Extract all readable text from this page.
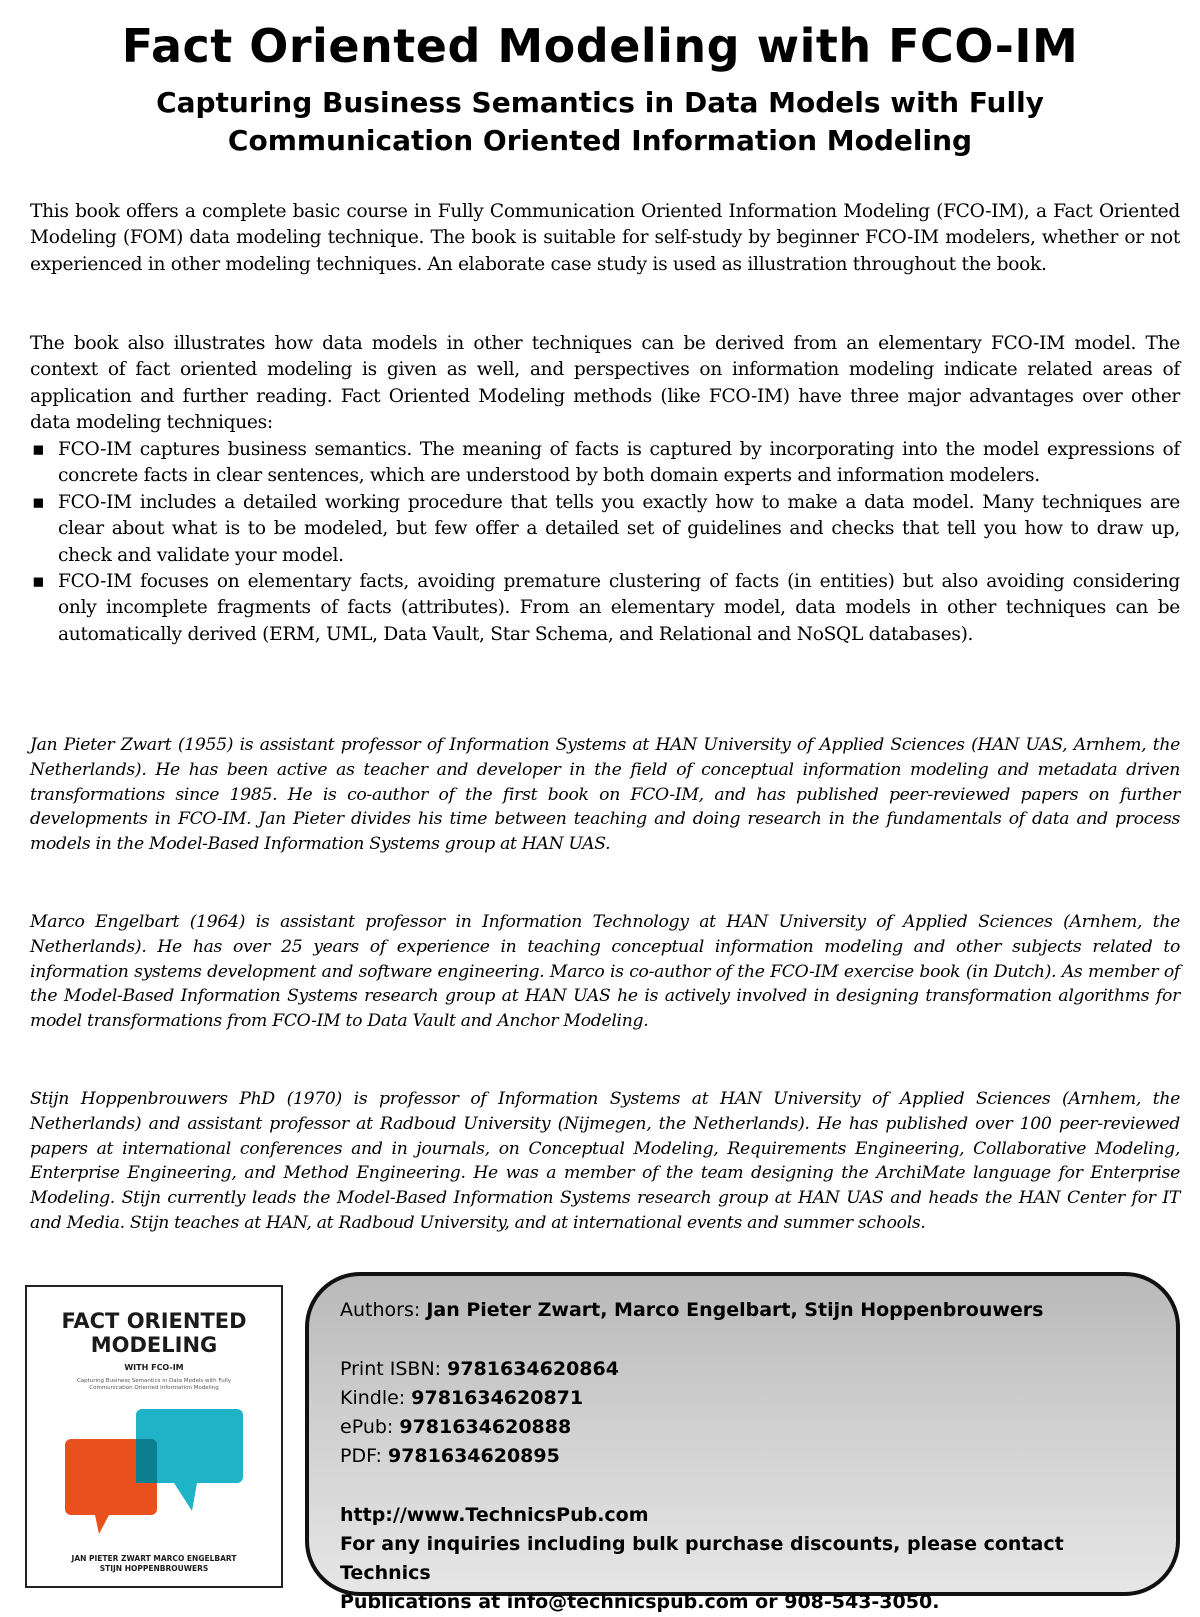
Fact Oriented Modeling with FCO-IM
Capturing Business Semantics in Data Models with Fully Communication Oriented Information Modeling

This book offers a complete basic course in Fully Communication Oriented Information Modeling (FCO-IM), a Fact Oriented Modeling (FOM) data modeling technique. The book is suitable for self-study by beginner FCO-IM modelers, whether or not experienced in other modeling techniques. An elaborate case study is used as illustration throughout the book.

The book also illustrates how data models in other techniques can be derived from an elementary FCO-IM model. The context of fact oriented modeling is given as well, and perspectives on information modeling indicate related areas of application and further reading. Fact Oriented Modeling methods (like FCO-IM) have three major advantages over other data modeling techniques:

▪ FCO-IM captures business semantics. The meaning of facts is captured by incorporating into the model expressions of concrete facts in clear sentences, which are understood by both domain experts and information modelers.
▪ FCO-IM includes a detailed working procedure that tells you exactly how to make a data model. Many techniques are clear about what is to be modeled, but few offer a detailed set of guidelines and checks that tell you how to draw up, check and validate your model.
▪ FCO-IM focuses on elementary facts, avoiding premature clustering of facts (in entities) but also avoiding considering only incomplete fragments of facts (attributes). From an elementary model, data models in other techniques can be automatically derived (ERM, UML, Data Vault, Star Schema, and Relational and NoSQL databases).

Jan Pieter Zwart (1955) is assistant professor of Information Systems at HAN University of Applied Sciences (HAN UAS, Arnhem, the Netherlands). He has been active as teacher and developer in the field of conceptual information modeling and metadata driven transformations since 1985. He is co-author of the first book on FCO-IM, and has published peer-reviewed papers on further developments in FCO-IM. Jan Pieter divides his time between teaching and doing research in the fundamentals of data and process models in the Model-Based Information Systems group at HAN UAS.

Marco Engelbart (1964) is assistant professor in Information Technology at HAN University of Applied Sciences (Arnhem, the Netherlands). He has over 25 years of experience in teaching conceptual information modeling and other subjects related to information systems development and software engineering. Marco is co-author of the FCO-IM exercise book (in Dutch). As member of the Model-Based Information Systems research group at HAN UAS he is actively involved in designing transformation algorithms for model transformations from FCO-IM to Data Vault and Anchor Modeling.

Stijn Hoppenbrouwers PhD (1970) is professor of Information Systems at HAN University of Applied Sciences (Arnhem, the Netherlands) and assistant professor at Radboud University (Nijmegen, the Netherlands). He has published over 100 peer-reviewed papers at international conferences and in journals, on Conceptual Modeling, Requirements Engineering, Collaborative Modeling, Enterprise Engineering, and Method Engineering. He was a member of the team designing the ArchiMate language for Enterprise Modeling. Stijn currently leads the Model-Based Information Systems research group at HAN UAS and heads the HAN Center for IT and Media. Stijn teaches at HAN, at Radboud University, and at international events and summer schools.

FACT ORIENTED
MODELING
WITH FCO-IM
Capturing Business Semantics in Data Models with Fully Communication Oriented Information Modeling
JAN PIETER ZWART MARCO ENGELBART
STIJN HOPPENBROUWERS
Authors: Jan Pieter Zwart, Marco Engelbart, Stijn Hoppenbrouwers
Print ISBN: 9781634620864
Kindle: 9781634620871
ePub: 9781634620888
PDF: 9781634620895
http://www.TechnicsPub.com
For any inquiries including bulk purchase discounts, please contact Technics
Publications at info@technicspub.com or 908-543-3050.
